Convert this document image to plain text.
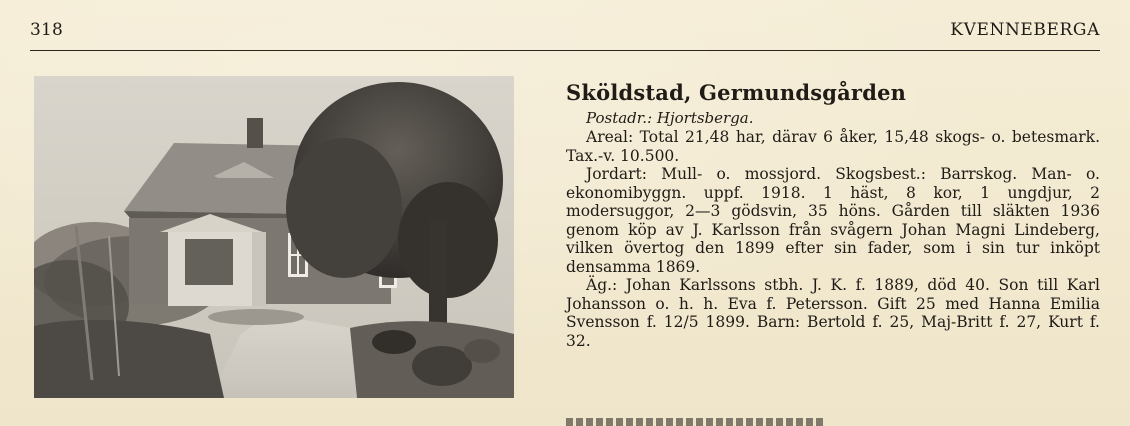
318	KVENNEBERGA
Sköldstad, Germundsgården
Postadr.: Hjortsberga.

Areal: Total 21,48 har, därav 6 åker, 15,48 skogs- o. betesmark. Tax.-v. 10.500.

Jordart: Mull- o. mossjord. Skogsbest.: Barrskog. Man- o. ekonomibyggn. uppf. 1918. 1 häst, 8 kor, 1 ungdjur, 2 modersuggor, 2—3 gödsvin, 35 höns. Gården till släkten 1936 genom köp av J. Karlsson från svågern Johan Magni Lindeberg, vilken övertog den 1899 efter sin fader, som i sin tur inköpt densamma 1869.

Äg.: Johan Karlssons stbh. J. K. f. 1889, död 40. Son till Karl Johansson o. h. h. Eva f. Petersson. Gift 25 med Hanna Emilia Svensson f. 12/5 1899. Barn: Bertold f. 25, Maj-Britt f. 27, Kurt f. 32.
